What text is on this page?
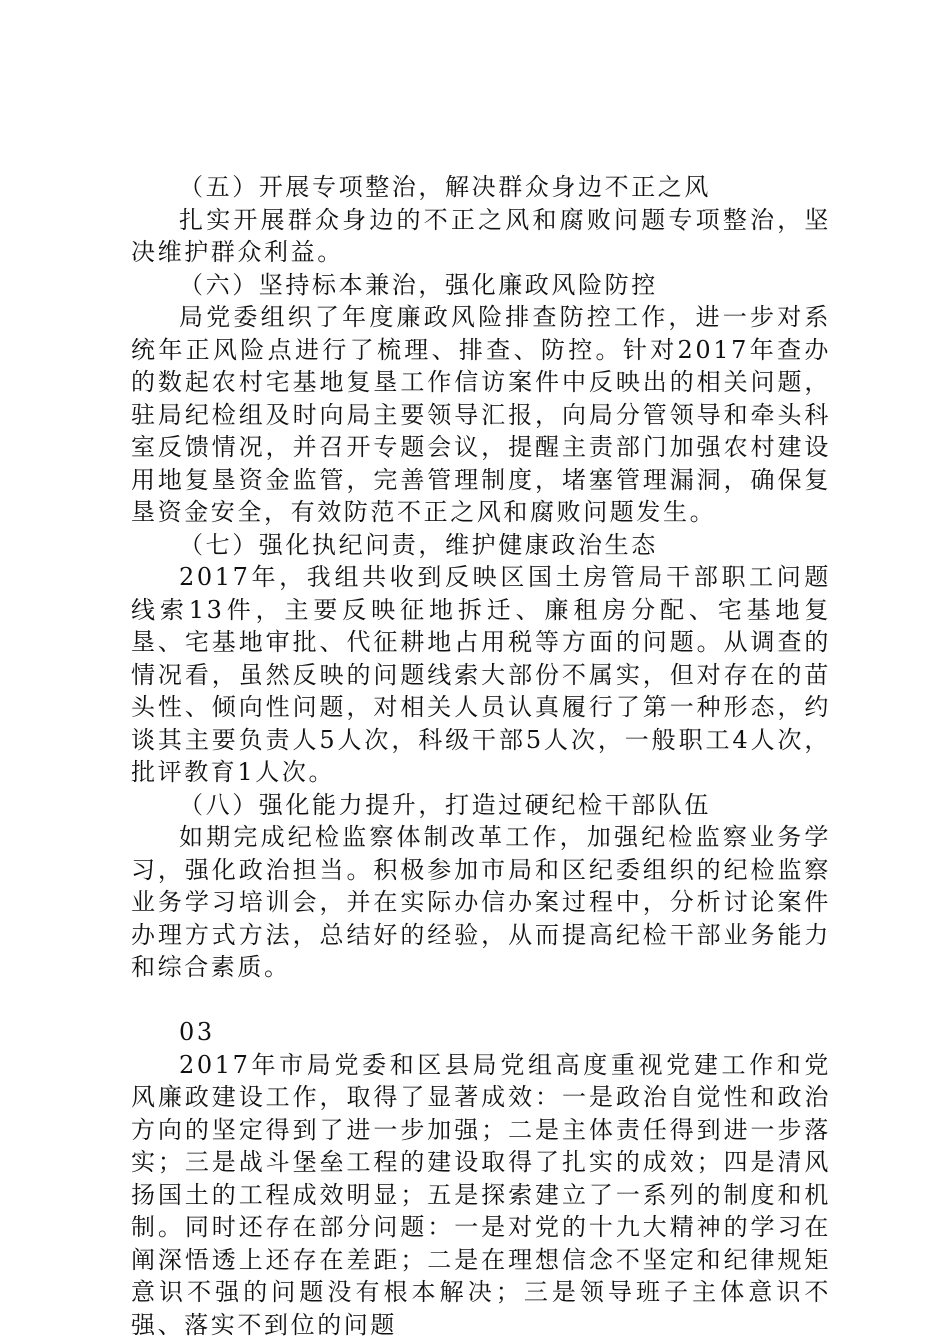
（五）开展专项整治，解决群众身边不正之风

扎实开展群众身边的不正之风和腐败问题专项整治，坚决维护群众利益。

（六）坚持标本兼治，强化廉政风险防控

局党委组织了年度廉政风险排查防控工作，进一步对系统年正风险点进行了梳理、排查、防控。针对2017年查办的数起农村宅基地复垦工作信访案件中反映出的相关问题，驻局纪检组及时向局主要领导汇报，向局分管领导和牵头科室反馈情况，并召开专题会议，提醒主责部门加强农村建设用地复垦资金监管，完善管理制度，堵塞管理漏洞，确保复垦资金安全，有效防范不正之风和腐败问题发生。

（七）强化执纪问责，维护健康政治生态

2017年，我组共收到反映区国土房管局干部职工问题线索13件，主要反映征地拆迁、廉租房分配、宅基地复垦、宅基地审批、代征耕地占用税等方面的问题。从调查的情况看，虽然反映的问题线索大部份不属实，但对存在的苗头性、倾向性问题，对相关人员认真履行了第一种形态，约谈其主要负责人5人次，科级干部5人次，一般职工4人次，批评教育1人次。

（八）强化能力提升，打造过硬纪检干部队伍

如期完成纪检监察体制改革工作，加强纪检监察业务学习，强化政治担当。积极参加市局和区纪委组织的纪检监察业务学习培训会，并在实际办信办案过程中，分析讨论案件办理方式方法，总结好的经验，从而提高纪检干部业务能力和综合素质。

03

2017年市局党委和区县局党组高度重视党建工作和党风廉政建设工作，取得了显著成效：一是政治自觉性和政治方向的坚定得到了进一步加强；二是主体责任得到进一步落实；三是战斗堡垒工程的建设取得了扎实的成效；四是清风扬国土的工程成效明显；五是探索建立了一系列的制度和机制。同时还存在部分问题：一是对党的十九大精神的学习在阐深悟透上还存在差距；二是在理想信念不坚定和纪律规矩意识不强的问题没有根本解决；三是领导班子主体意识不强、落实不到位的问题
